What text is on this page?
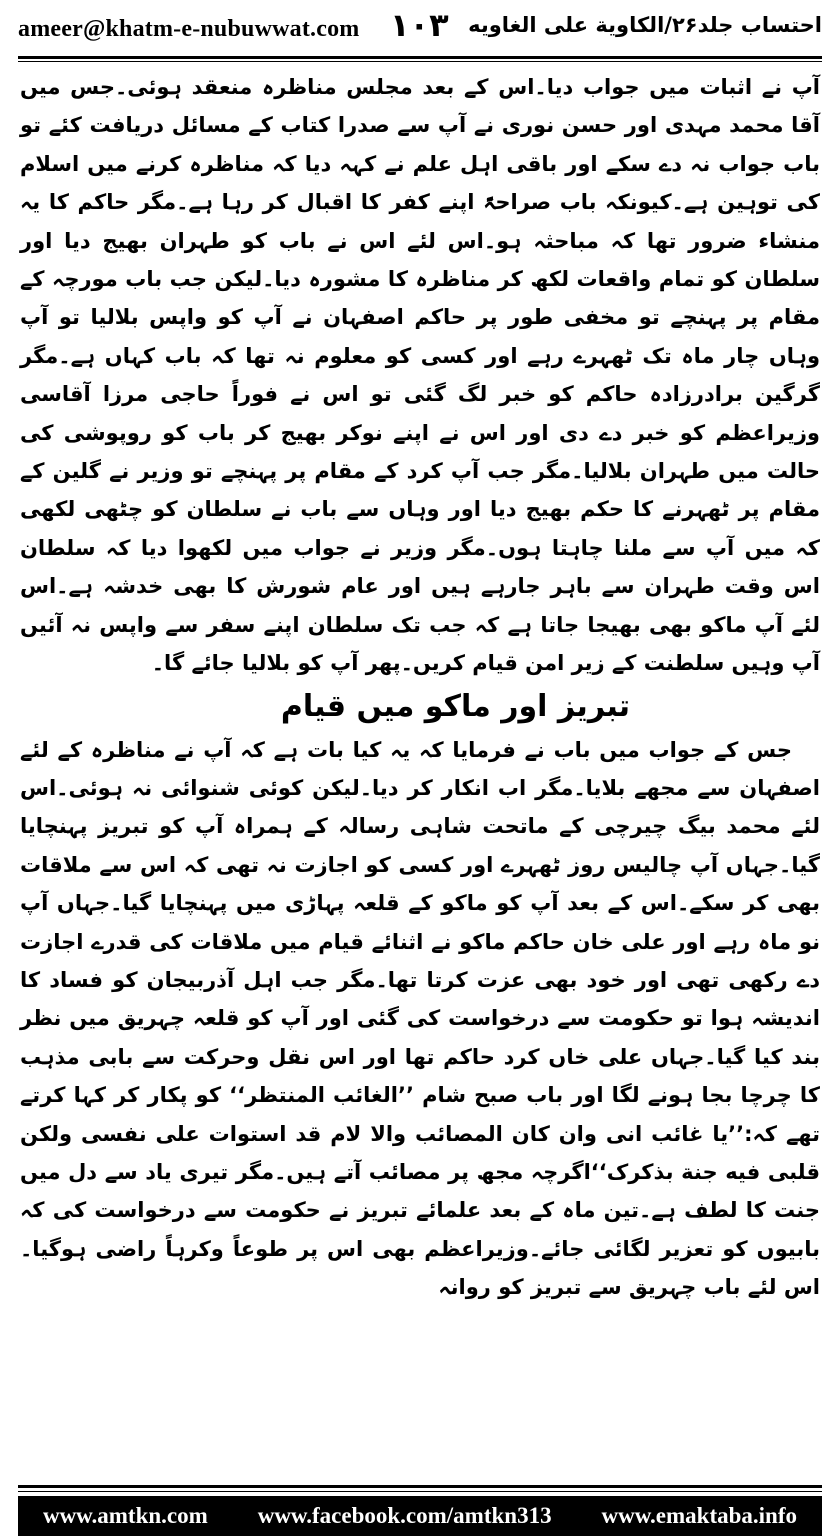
ameer@khatm-e-nubuwwat.com ۱۰۳ احتساب جلد۲۶/الکاویة علی الغاویه

آپ نے اثبات میں جواب دیا۔اس کے بعد مجلس مناظرہ منعقد ہوئی۔جس میں آقا محمد مہدی اور حسن نوری نے آپ سے صدرا کتاب کے مسائل دریافت کئے تو باب جواب نہ دے سکے اور باقی اہل علم نے کہہ دیا کہ مناظرہ کرنے میں اسلام کی توہین ہے۔کیونکہ باب صراحۃً اپنے کفر کا اقبال کر رہا ہے۔مگر حاکم کا یہ منشاء ضرور تھا کہ مباحثہ ہو۔اس لئے اس نے باب کو طہران بھیج دیا اور سلطان کو تمام واقعات لکھ کر مناظرہ کا مشورہ دیا۔لیکن جب باب مورچہ کے مقام پر پہنچے تو مخفی طور پر حاکم اصفہان نے آپ کو واپس بلالیا تو آپ وہاں چار ماہ تک ٹھہرے رہے اور کسی کو معلوم نہ تھا کہ باب کہاں ہے۔مگر گرگین برادرزادہ حاکم کو خبر لگ گئی تو اس نے فوراً حاجی مرزا آقاسی وزیراعظم کو خبر دے دی اور اس نے اپنے نوکر بھیج کر باب کو روپوشی کی حالت میں طہران بلالیا۔مگر جب آپ کرد کے مقام پر پہنچے تو وزیر نے گلین کے مقام پر ٹھہرنے کا حکم بھیج دیا اور وہاں سے باب نے سلطان کو چٹھی لکھی کہ میں آپ سے ملنا چاہتا ہوں۔مگر وزیر نے جواب میں لکھوا دیا کہ سلطان اس وقت طہران سے باہر جارہے ہیں اور عام شورش کا بھی خدشہ ہے۔اس لئے آپ ماکو بھی بھیجا جاتا ہے کہ جب تک سلطان اپنے سفر سے واپس نہ آئیں آپ وہیں سلطنت کے زیر امن قیام کریں۔پھر آپ کو بلالیا جائے گا۔

تبریز اور ماکو میں قیام

جس کے جواب میں باب نے فرمایا کہ یہ کیا بات ہے کہ آپ نے مناظرہ کے لئے اصفہان سے مجھے بلایا۔مگر اب انکار کر دیا۔لیکن کوئی شنوائی نہ ہوئی۔اس لئے محمد بیگ چیرچی کے ماتحت شاہی رسالہ کے ہمراہ آپ کو تبریز پہنچایا گیا۔جہاں آپ چالیس روز ٹھہرے اور کسی کو اجازت نہ تھی کہ اس سے ملاقات بھی کر سکے۔اس کے بعد آپ کو ماکو کے قلعہ پہاڑی میں پہنچایا گیا۔جہاں آپ نو ماہ رہے اور علی خان حاکم ماکو نے اثنائے قیام میں ملاقات کی قدرے اجازت دے رکھی تھی اور خود بھی عزت کرتا تھا۔مگر جب اہل آذربیجان کو فساد کا اندیشہ ہوا تو حکومت سے درخواست کی گئی اور آپ کو قلعہ چہریق میں نظر بند کیا گیا۔جہاں علی خاں کرد حاکم تھا اور اس نقل وحرکت سے بابی مذہب کا چرچا بجا ہونے لگا اور باب صبح شام ’’الغائب المنتظر‘‘ کو پکار کر کہا کرتے تھے کہ:’’یا غائب انی وان کان المصائب والا لام قد استوات علی نفسی ولکن قلبی فیه جنة بذکرک‘‘اگرچہ مجھ پر مصائب آتے ہیں۔مگر تیری یاد سے دل میں جنت کا لطف ہے۔تین ماہ کے بعد علمائے تبریز نے حکومت سے درخواست کی کہ بابیوں کو تعزیر لگائی جائے۔وزیراعظم بھی اس پر طوعاً وکرہاً راضی ہوگیا۔اس لئے باب چہریق سے تبریز کو روانہ

www.amtkn.com www.facebook.com/amtkn313 www.emaktaba.info
